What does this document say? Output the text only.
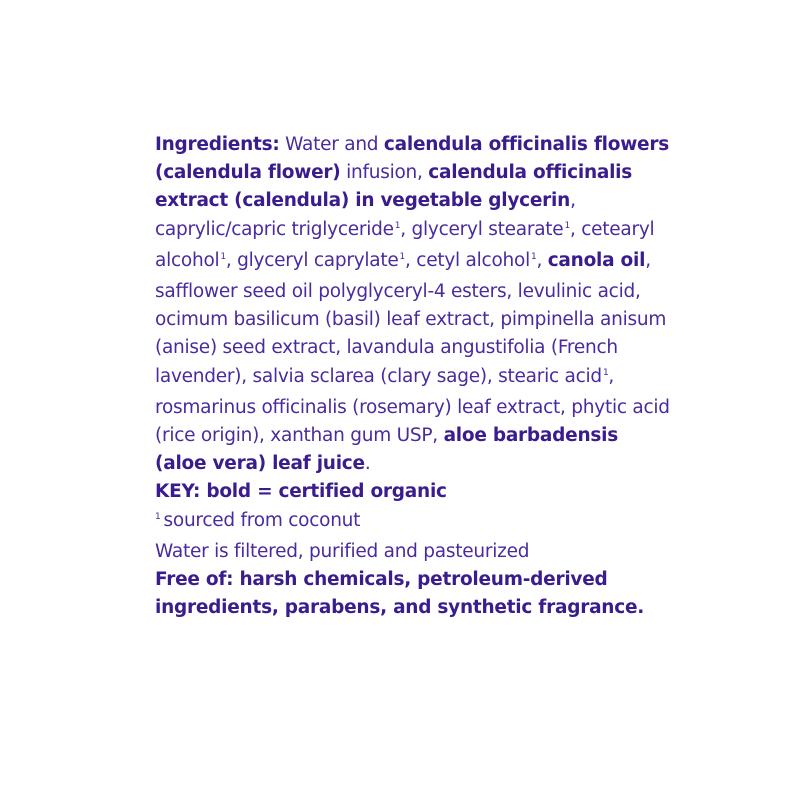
Ingredients: Water and calendula officinalis flowers (calendula flower) infusion, calendula officinalis extract (calendula) in vegetable glycerin, caprylic/capric triglyceride$^1$, glyceryl stearate$^1$, cetearyl alcohol$^1$, glyceryl caprylate$^1$, cetyl alcohol$^1$, canola oil, safflower seed oil polyglyceryl-4 esters, levulinic acid, ocimum basilicum (basil) leaf extract, pimpinella anisum (anise) seed extract, lavandula angustifolia (French lavender), salvia sclarea (clary sage), stearic acid$^1$, rosmarinus officinalis (rosemary) leaf extract, phytic acid (rice origin), xanthan gum USP, aloe barbadensis (aloe vera) leaf juice.

KEY: bold = certified organic

$^1$ sourced from coconut

Water is filtered, purified and pasteurized

Free of: harsh chemicals, petroleum-derived ingredients, parabens, and synthetic fragrance.
